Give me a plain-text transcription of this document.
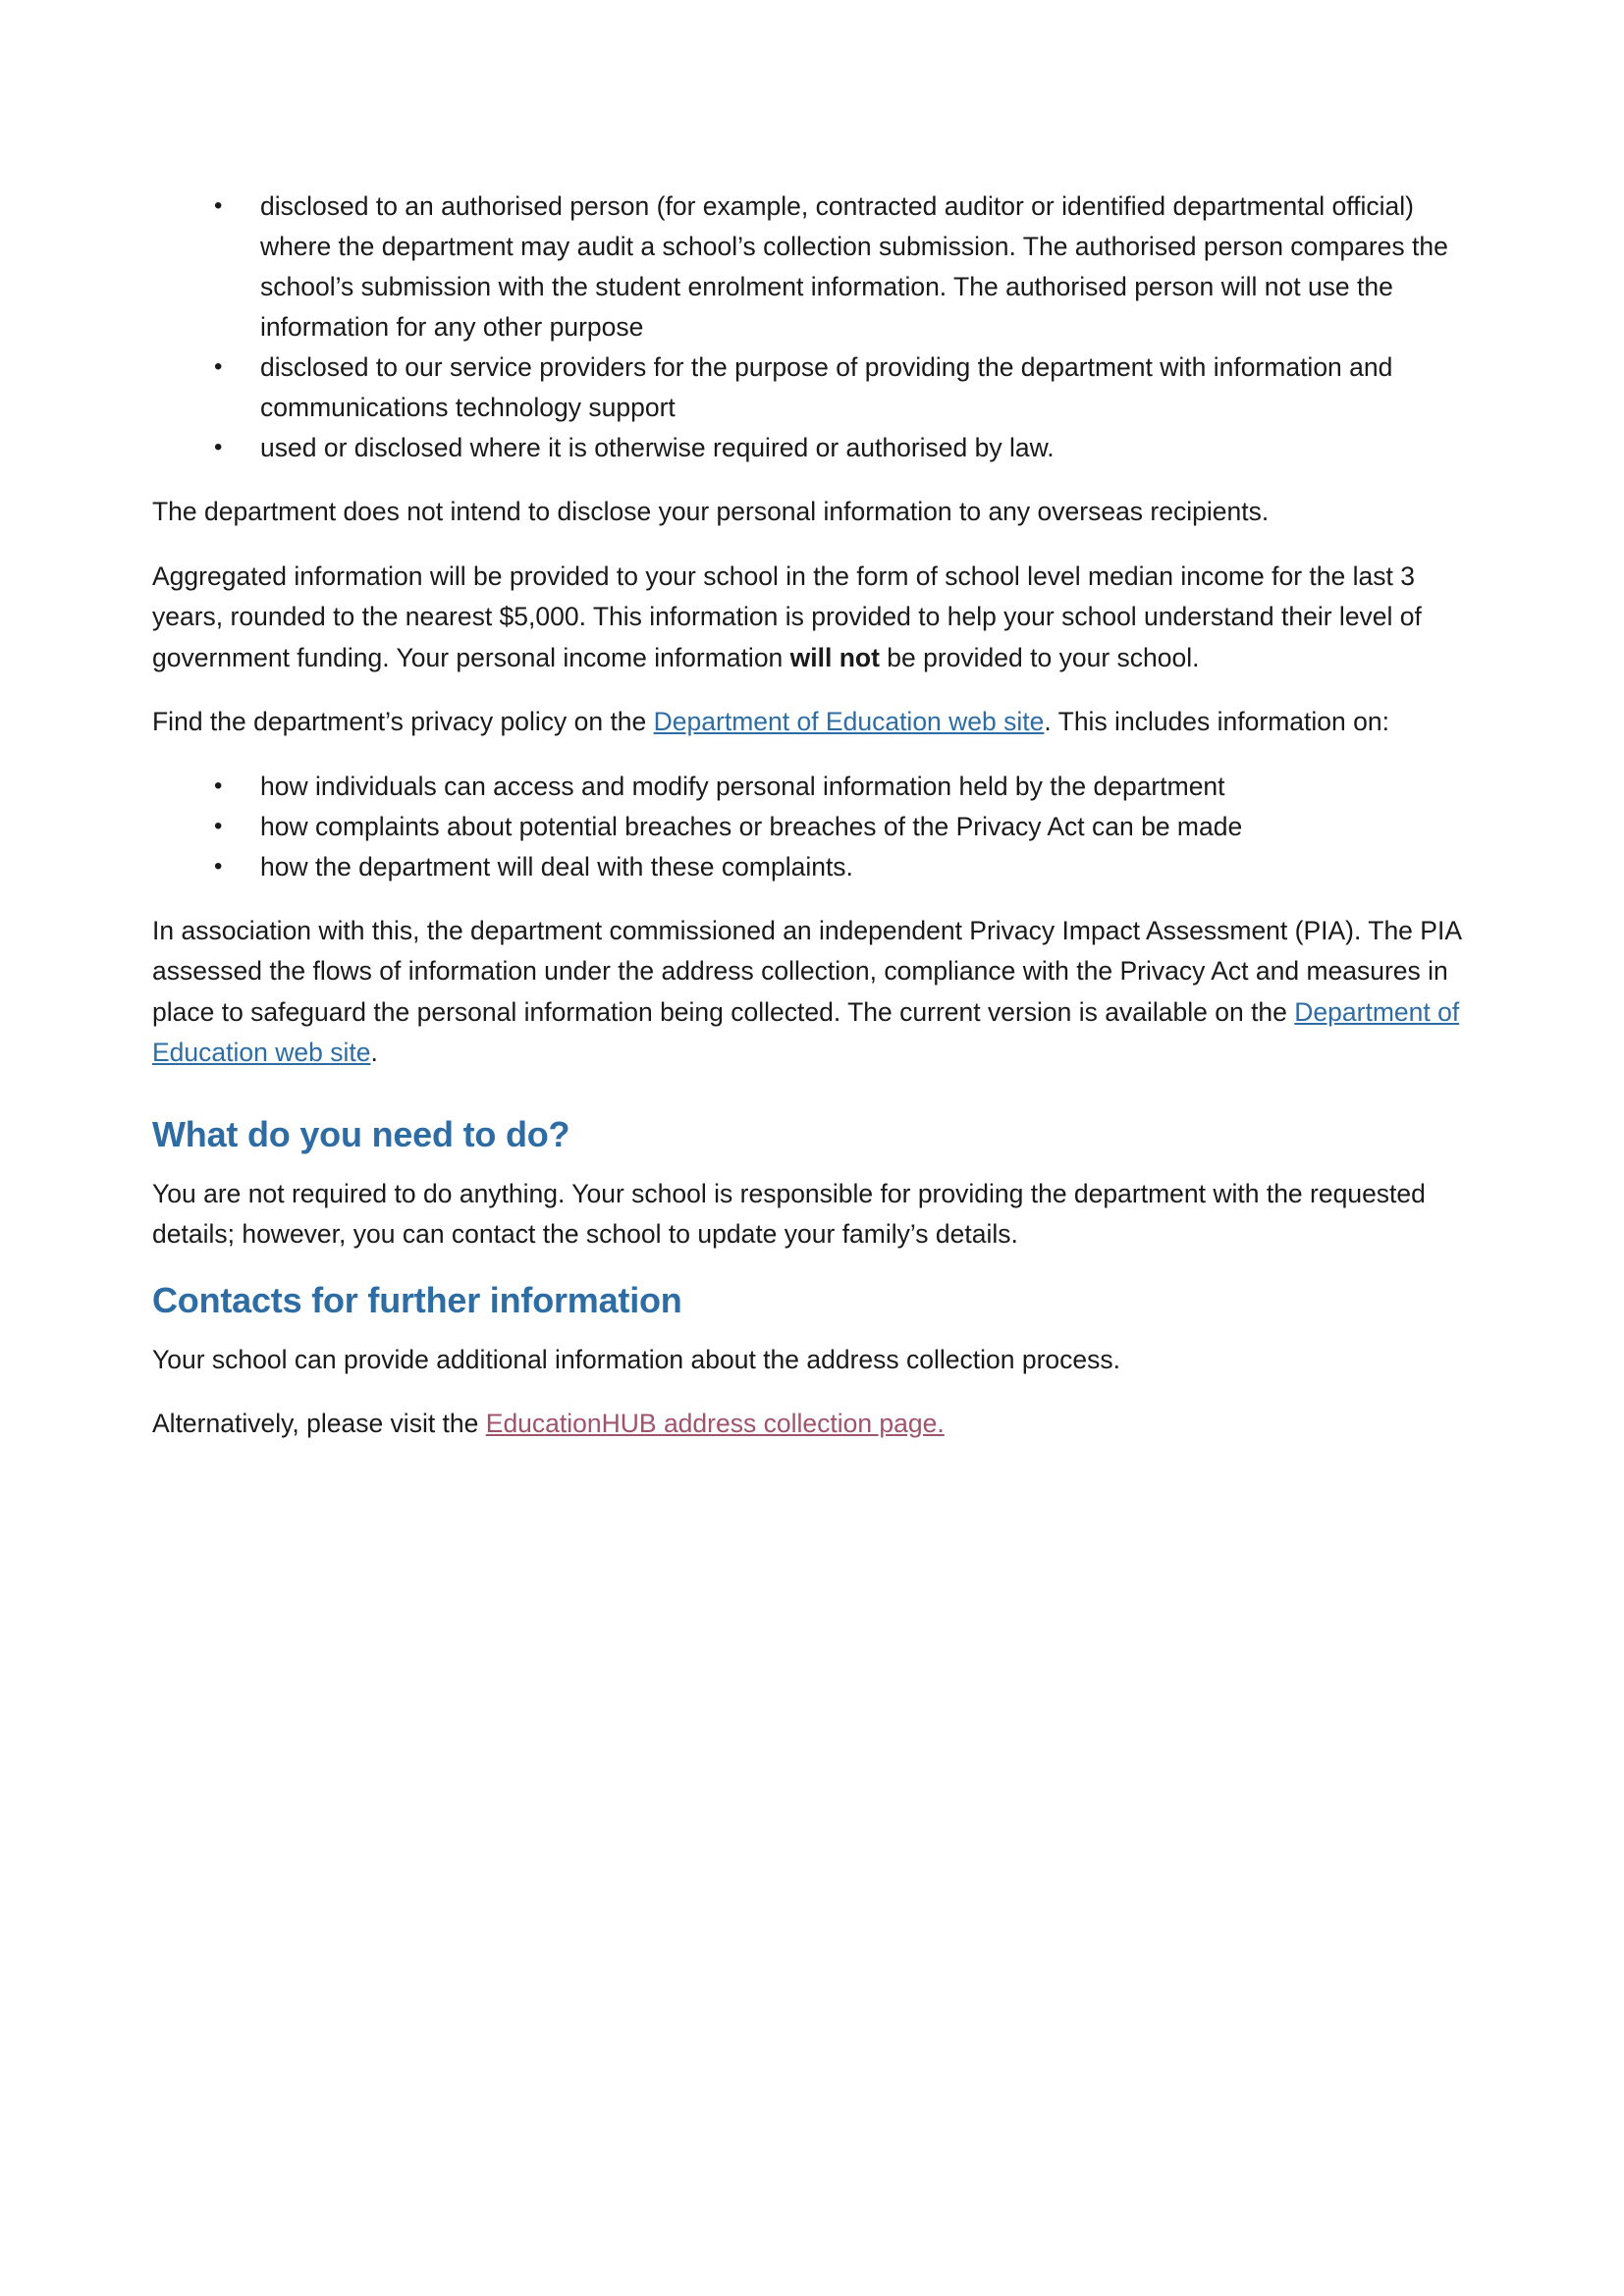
• disclosed to an authorised person (for example, contracted auditor or identified departmental official) where the department may audit a school’s collection submission. The authorised person compares the school’s submission with the student enrolment information. The authorised person will not use the information for any other purpose
• disclosed to our service providers for the purpose of providing the department with information and communications technology support
• used or disclosed where it is otherwise required or authorised by law.

The department does not intend to disclose your personal information to any overseas recipients.

Aggregated information will be provided to your school in the form of school level median income for the last 3 years, rounded to the nearest $5,000. This information is provided to help your school understand their level of government funding. Your personal income information will not be provided to your school.

Find the department’s privacy policy on the Department of Education web site. This includes information on:

• how individuals can access and modify personal information held by the department
• how complaints about potential breaches or breaches of the Privacy Act can be made
• how the department will deal with these complaints.

In association with this, the department commissioned an independent Privacy Impact Assessment (PIA). The PIA assessed the flows of information under the address collection, compliance with the Privacy Act and measures in place to safeguard the personal information being collected. The current version is available on the Department of Education web site.

What do you need to do?

You are not required to do anything. Your school is responsible for providing the department with the requested details; however, you can contact the school to update your family’s details.

Contacts for further information

Your school can provide additional information about the address collection process.

Alternatively, please visit the EducationHUB address collection page.
